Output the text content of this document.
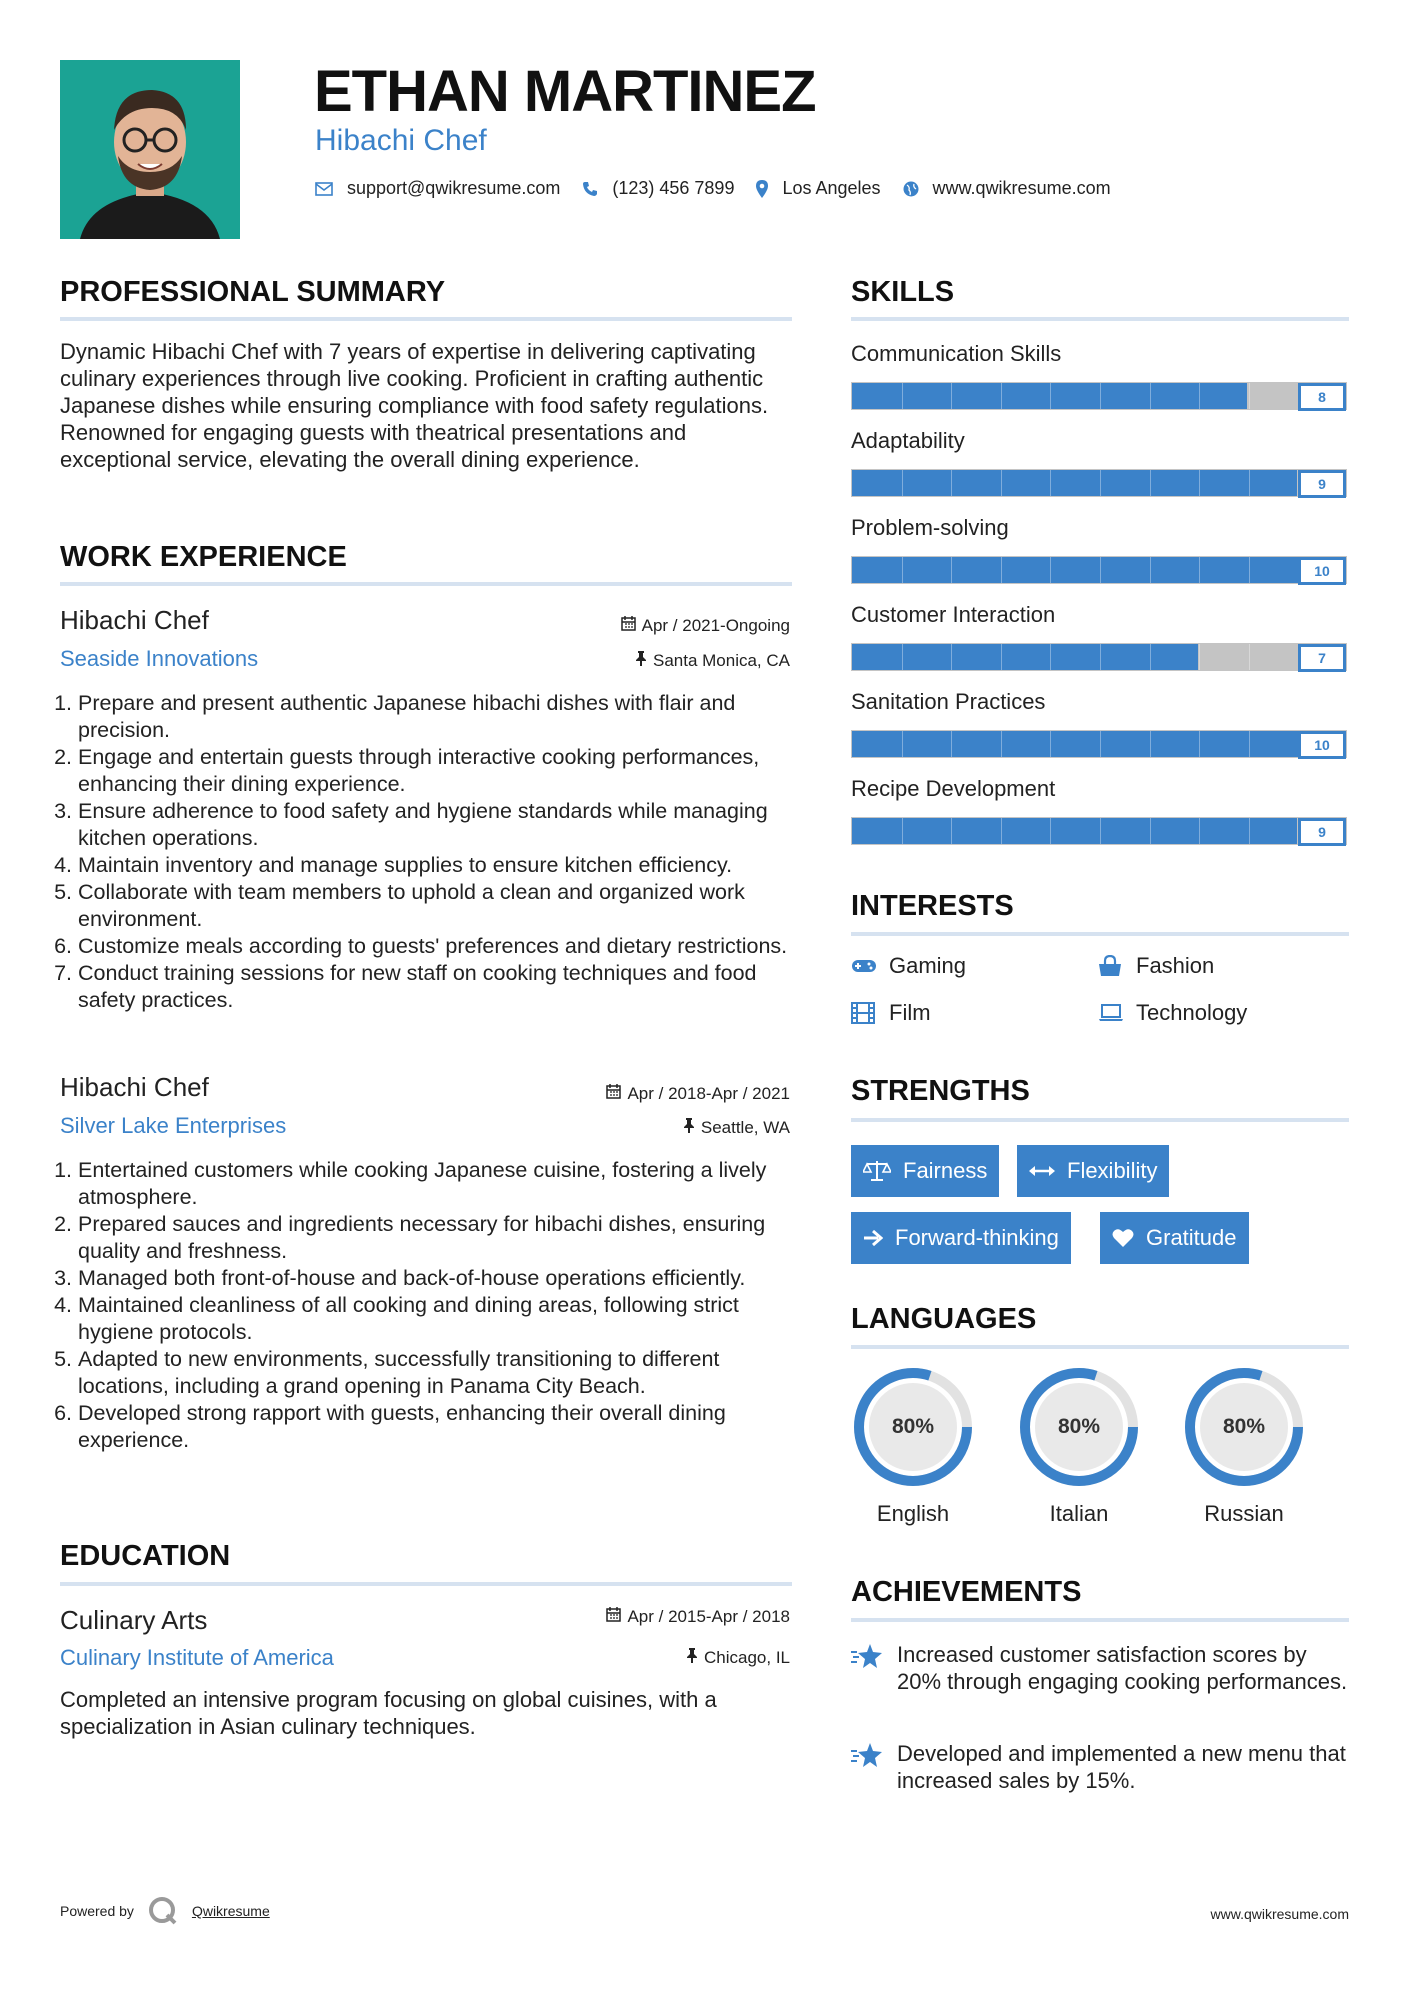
ETHAN MARTINEZ
Hibachi Chef
support@qwikresume.com	(123) 456 7899	Los Angeles	www.qwikresume.com
PROFESSIONAL SUMMARY
Dynamic Hibachi Chef with 7 years of expertise in delivering captivating culinary experiences through live cooking. Proficient in crafting authentic Japanese dishes while ensuring compliance with food safety regulations. Renowned for engaging guests with theatrical presentations and exceptional service, elevating the overall dining experience.
WORK EXPERIENCE
Hibachi Chef	Apr / 2021-Ongoing
Seaside Innovations	Santa Monica, CA
1. Prepare and present authentic Japanese hibachi dishes with flair and precision.
2. Engage and entertain guests through interactive cooking performances, enhancing their dining experience.
3. Ensure adherence to food safety and hygiene standards while managing kitchen operations.
4. Maintain inventory and manage supplies to ensure kitchen efficiency.
5. Collaborate with team members to uphold a clean and organized work environment.
6. Customize meals according to guests' preferences and dietary restrictions.
7. Conduct training sessions for new staff on cooking techniques and food safety practices.
Hibachi Chef	Apr / 2018-Apr / 2021
Silver Lake Enterprises	Seattle, WA
1. Entertained customers while cooking Japanese cuisine, fostering a lively atmosphere.
2. Prepared sauces and ingredients necessary for hibachi dishes, ensuring quality and freshness.
3. Managed both front-of-house and back-of-house operations efficiently.
4. Maintained cleanliness of all cooking and dining areas, following strict hygiene protocols.
5. Adapted to new environments, successfully transitioning to different locations, including a grand opening in Panama City Beach.
6. Developed strong rapport with guests, enhancing their overall dining experience.
EDUCATION
Culinary Arts	Apr / 2015-Apr / 2018
Culinary Institute of America	Chicago, IL
Completed an intensive program focusing on global cuisines, with a specialization in Asian culinary techniques.
SKILLS
Communication Skills
8
Adaptability
9
Problem-solving
10
Customer Interaction
7
Sanitation Practices
10
Recipe Development
9
INTERESTS
Gaming	Fashion
Film	Technology
STRENGTHS
Fairness	Flexibility
Forward-thinking	Gratitude
LANGUAGES
80%
English
80%
Italian
80%
Russian
ACHIEVEMENTS
Increased customer satisfaction scores by 20% through engaging cooking performances.
Developed and implemented a new menu that increased sales by 15%.
Powered by	Qwikresume	www.qwikresume.com
